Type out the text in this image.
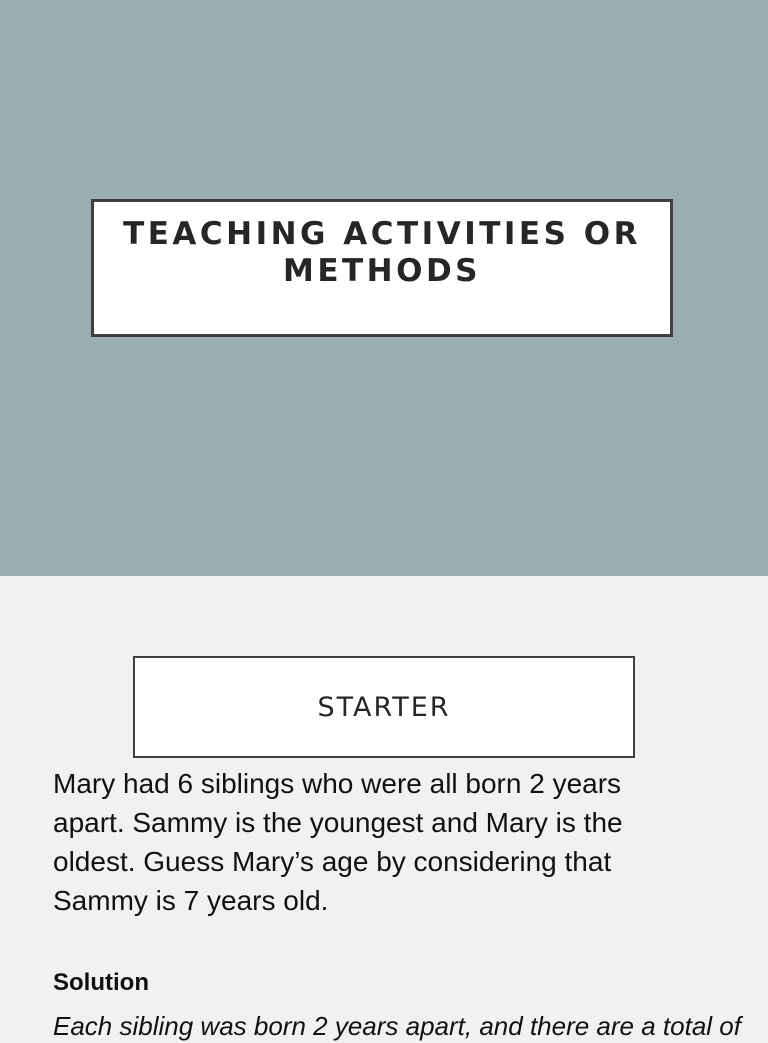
TEACHING ACTIVITIES OR METHODS
STARTER

Mary had 6 siblings who were all born 2 years apart. Sammy is the youngest and Mary is the oldest. Guess Mary’s age by considering that Sammy is 7 years old.

Solution

Each sibling was born 2 years apart, and there are a total of
